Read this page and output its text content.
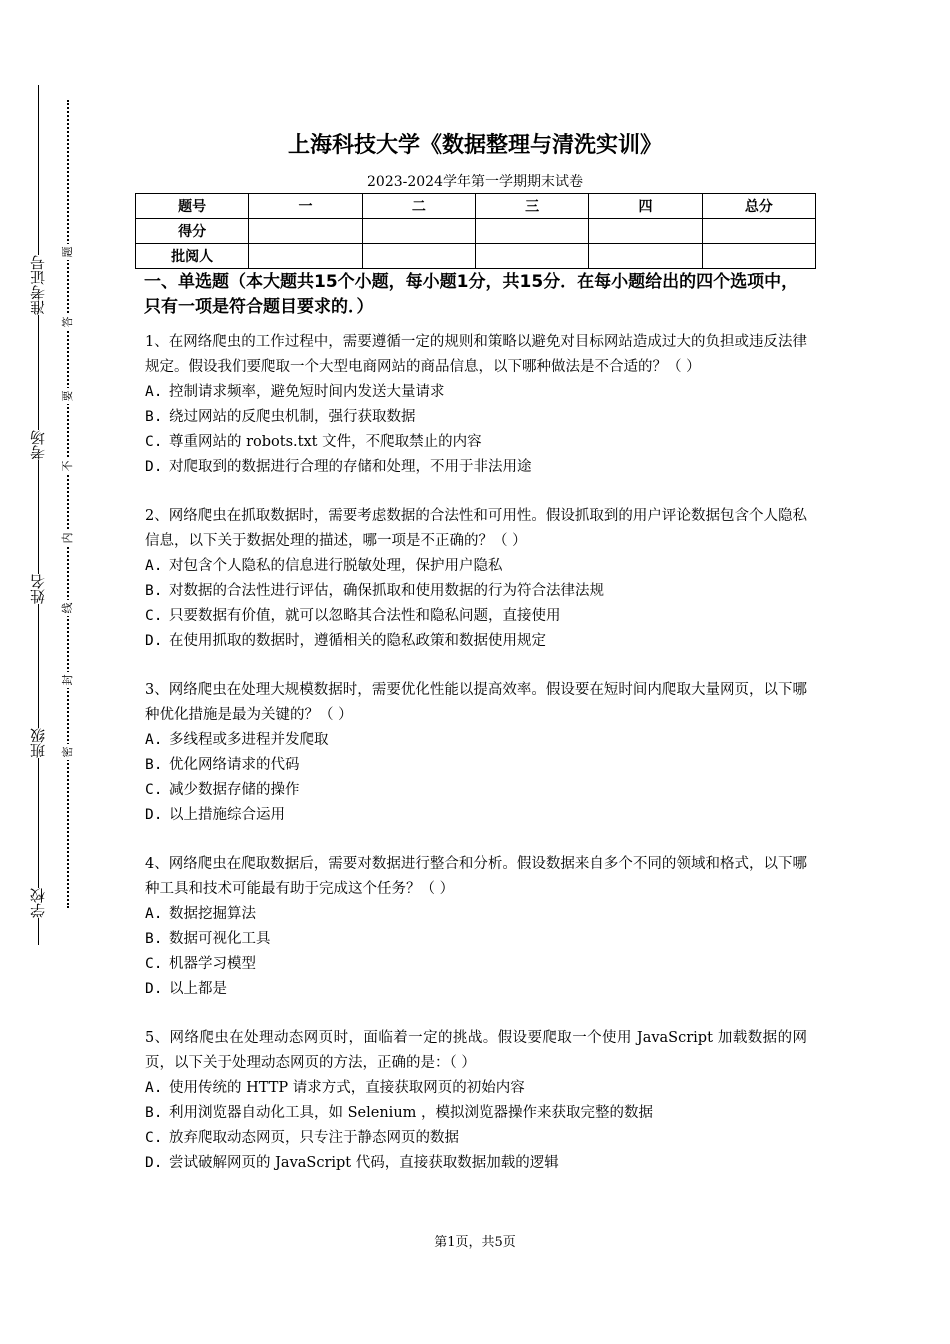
准考证号
考场
姓名
班级
学校
题
答
要
不
内
线
封
密
上海科技大学《数据整理与清洗实训》
2023-2024学年第一学期期末试卷
题号	一	二	三	四	总分
得分					
批阅人					
一、单选题（本大题共15个小题，每小题1分，共15分．在每小题给出的四个选项中，只有一项是符合题目要求的．）
1、在网络爬虫的工作过程中，需要遵循一定的规则和策略以避免对目标网站造成过大的负担或违反法律规定。假设我们要爬取一个大型电商网站的商品信息，以下哪种做法是不合适的？（ ）
A. 控制请求频率，避免短时间内发送大量请求
B. 绕过网站的反爬虫机制，强行获取数据
C. 尊重网站的 robots.txt 文件，不爬取禁止的内容
D. 对爬取到的数据进行合理的存储和处理，不用于非法用途
2、网络爬虫在抓取数据时，需要考虑数据的合法性和可用性。假设抓取到的用户评论数据包含个人隐私信息，以下关于数据处理的描述，哪一项是不正确的？（ ）
A. 对包含个人隐私的信息进行脱敏处理，保护用户隐私
B. 对数据的合法性进行评估，确保抓取和使用数据的行为符合法律法规
C. 只要数据有价值，就可以忽略其合法性和隐私问题，直接使用
D. 在使用抓取的数据时，遵循相关的隐私政策和数据使用规定
3、网络爬虫在处理大规模数据时，需要优化性能以提高效率。假设要在短时间内爬取大量网页，以下哪种优化措施是最为关键的？（ ）
A. 多线程或多进程并发爬取
B. 优化网络请求的代码
C. 减少数据存储的操作
D. 以上措施综合运用
4、网络爬虫在爬取数据后，需要对数据进行整合和分析。假设数据来自多个不同的领域和格式，以下哪种工具和技术可能最有助于完成这个任务？（ ）
A. 数据挖掘算法
B. 数据可视化工具
C. 机器学习模型
D. 以上都是
5、网络爬虫在处理动态网页时，面临着一定的挑战。假设要爬取一个使用 JavaScript 加载数据的网页，以下关于处理动态网页的方法，正确的是：（ ）
A. 使用传统的 HTTP 请求方式，直接获取网页的初始内容
B. 利用浏览器自动化工具，如 Selenium ，模拟浏览器操作来获取完整的数据
C. 放弃爬取动态网页，只专注于静态网页的数据
D. 尝试破解网页的 JavaScript 代码，直接获取数据加载的逻辑
第1页，共5页
